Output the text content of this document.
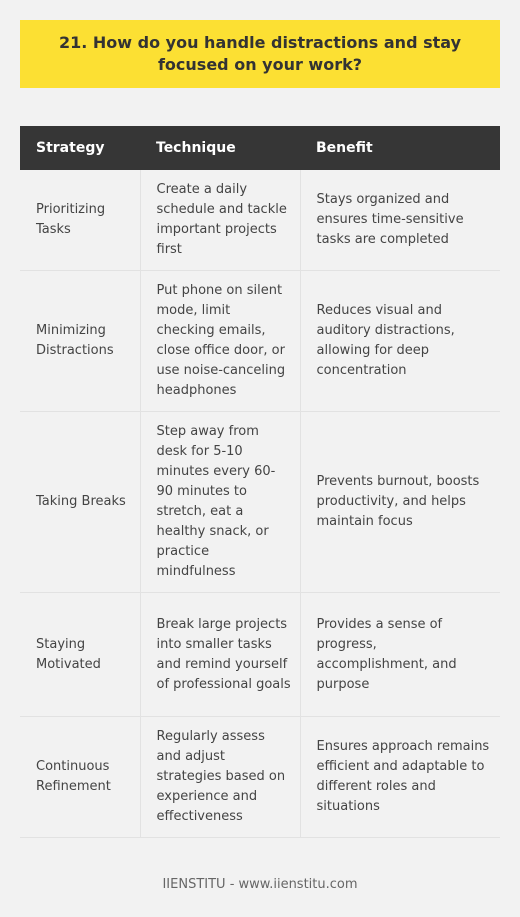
21. How do you handle distractions and stay focused on your work?
Strategy	Technique	Benefit
Prioritizing Tasks	Create a daily schedule and tackle important projects first	Stays organized and ensures time-sensitive tasks are completed
Minimizing Distractions	Put phone on silent mode, limit checking emails, close office door, or use noise-canceling headphones	Reduces visual and auditory distractions, allowing for deep concentration
Taking Breaks	Step away from desk for 5-10 minutes every 60-90 minutes to stretch, eat a healthy snack, or practice mindfulness	Prevents burnout, boosts productivity, and helps maintain focus
Staying Motivated	Break large projects into smaller tasks and remind yourself of professional goals	Provides a sense of progress, accomplishment, and purpose
Continuous Refinement	Regularly assess and adjust strategies based on experience and effectiveness	Ensures approach remains efficient and adaptable to different roles and situations
IIENSTITU - www.iienstitu.com
